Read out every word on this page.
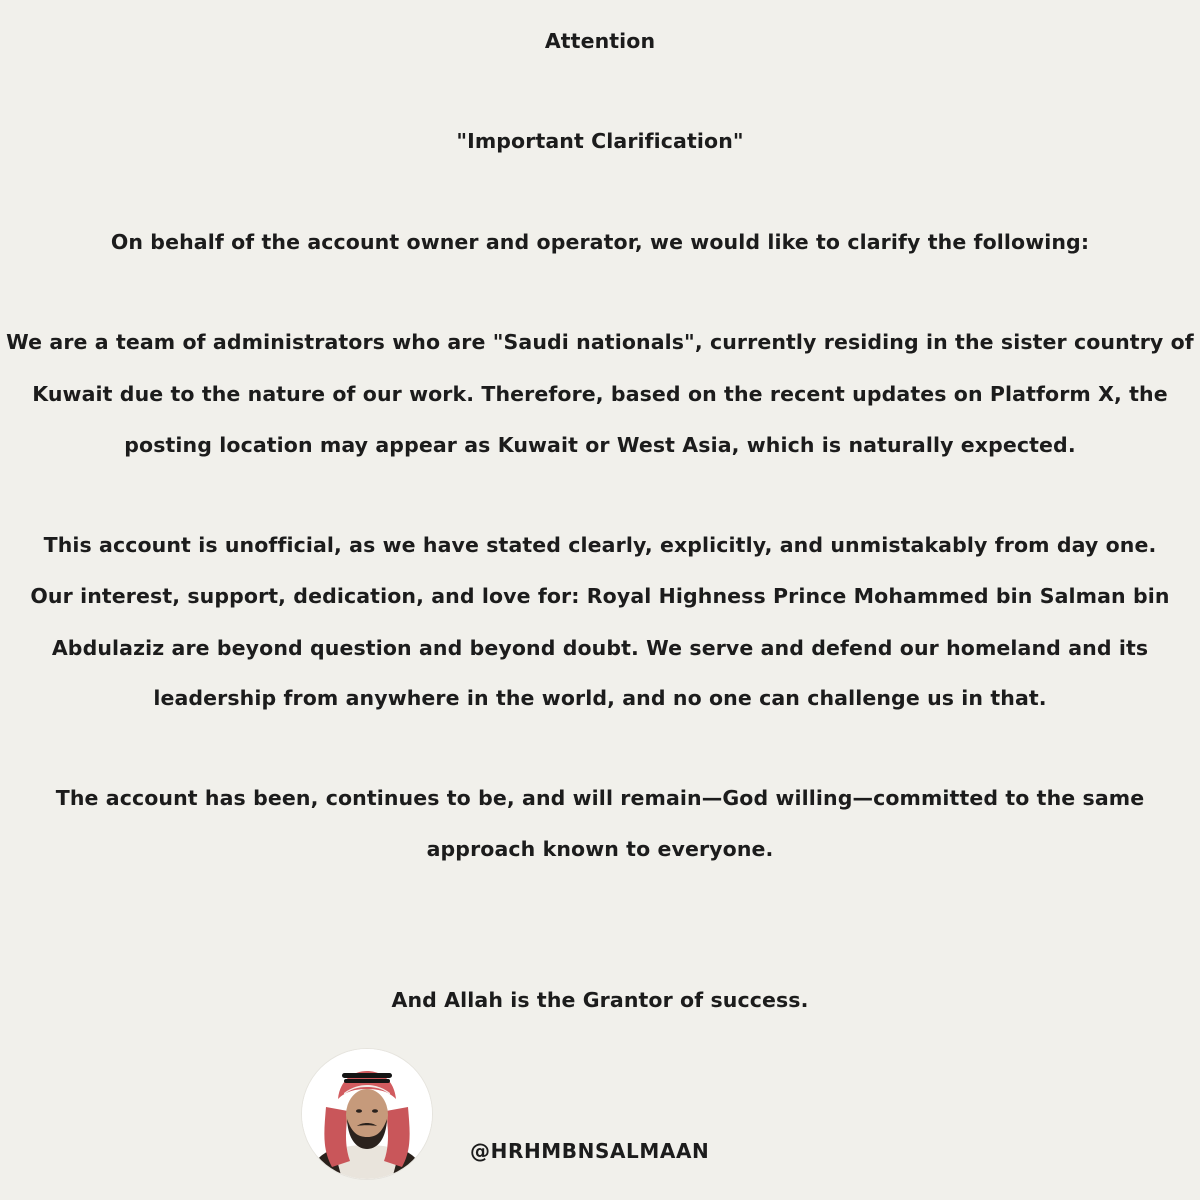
Attention
"Important Clarification"
On behalf of the account owner and operator, we would like to clarify the following:
We are a team of administrators who are "Saudi nationals", currently residing in the sister country of
Kuwait due to the nature of our work. Therefore, based on the recent updates on Platform X, the
posting location may appear as Kuwait or West Asia, which is naturally expected.
This account is unofficial, as we have stated clearly, explicitly, and unmistakably from day one.
Our interest, support, dedication, and love for: Royal Highness Prince Mohammed bin Salman bin
Abdulaziz are beyond question and beyond doubt. We serve and defend our homeland and its
leadership from anywhere in the world, and no one can challenge us in that.
The account has been, continues to be, and will remain—God willing—committed to the same
approach known to everyone.
And Allah is the Grantor of success.
@HRHMBNSALMAAN
